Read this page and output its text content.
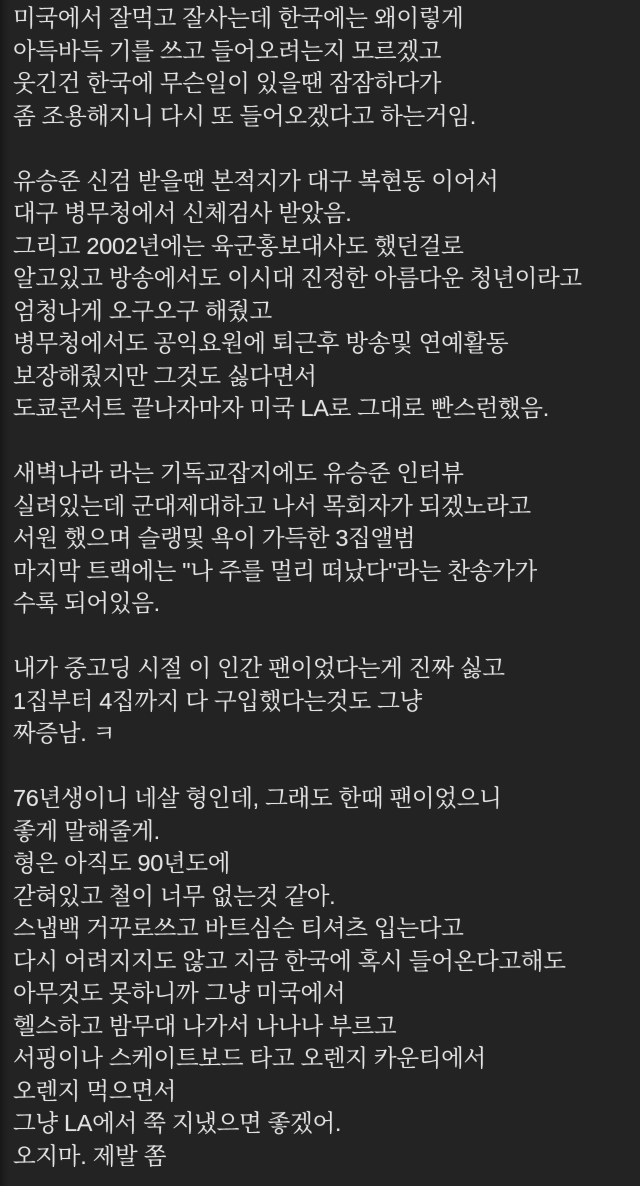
미국에서 잘먹고 잘사는데 한국에는 왜이렇게
아득바득 기를 쓰고 들어오려는지 모르겠고
웃긴건 한국에 무슨일이 있을땐 잠잠하다가
좀 조용해지니 다시 또 들어오겠다고 하는거임.
유승준 신검 받을땐 본적지가 대구 복현동 이어서
대구 병무청에서 신체검사 받았음.
그리고 2002년에는 육군홍보대사도 했던걸로
알고있고 방송에서도 이시대 진정한 아름다운 청년이라고
엄청나게 오구오구 해줬고
병무청에서도 공익요원에 퇴근후 방송및 연예활동
보장해줬지만 그것도 싫다면서
도쿄콘서트 끝나자마자 미국 LA로 그대로 빤스런했음.
새벽나라 라는 기독교잡지에도 유승준 인터뷰
실려있는데 군대제대하고 나서 목회자가 되겠노라고
서원 했으며 슬랭및 욕이 가득한 3집앨범
마지막 트랙에는 "나 주를 멀리 떠났다"라는 찬송가가
수록 되어있음.
내가 중고딩 시절 이 인간 팬이었다는게 진짜 싫고
1집부터 4집까지 다 구입했다는것도 그냥
짜증남. ㅋ
76년생이니 네살 형인데, 그래도 한때 팬이었으니
좋게 말해줄게.
형은 아직도 90년도에
갇혀있고 철이 너무 없는것 같아.
스냅백 거꾸로쓰고 바트심슨 티셔츠 입는다고
다시 어려지지도 않고 지금 한국에 혹시 들어온다고해도
아무것도 못하니까 그냥 미국에서
헬스하고 밤무대 나가서 나나나 부르고
서핑이나 스케이트보드 타고 오렌지 카운티에서
오렌지 먹으면서
그냥 LA에서 쭉 지냈으면 좋겠어.
오지마. 제발 쫌
